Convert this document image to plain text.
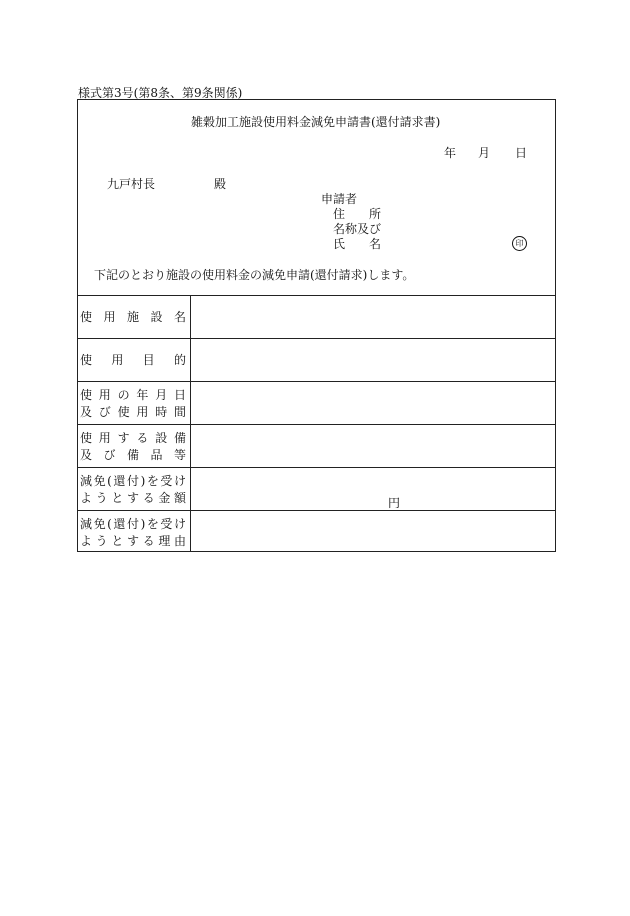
様式第3号(第8条、第9条関係)
雑穀加工施設使用料金減免申請書(還付請求書)
年 月 日
九戸村長	殿
申請者
住　　所
名称及び
氏　　名	印
下記のとおり施設の使用料金の減免申請(還付請求)します。
使用施設名
使用目的
使用の年月日
及び使用時間
使用する設備
及び備品等
減免(還付)を受け
ようとする金額
減免(還付)を受け
ようとする理由
円
